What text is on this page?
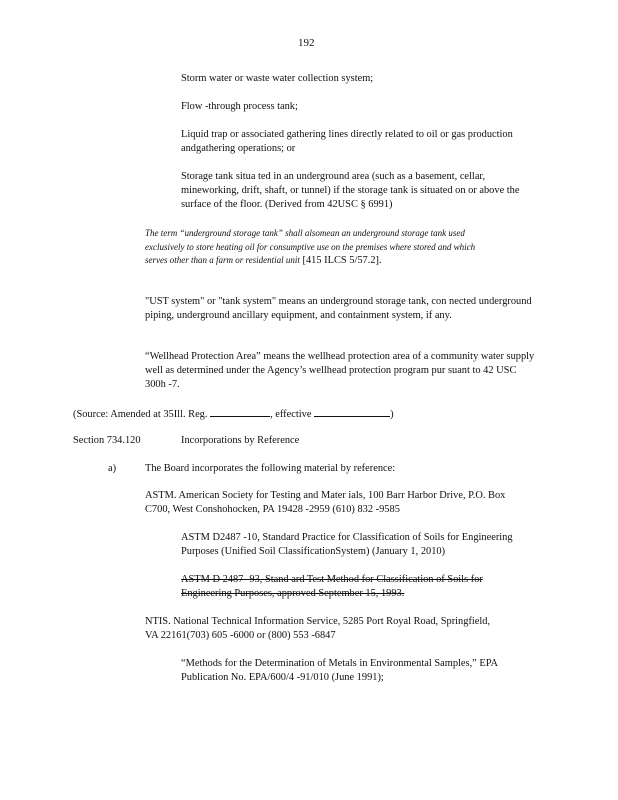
192

Storm water or waste water collection system;

Flow -through process tank;

Liquid trap or associated gathering lines directly related to oil or gas production andgathering operations; or

Storage tank situa ted in an underground area (such as a basement, cellar, mineworking, drift, shaft, or tunnel) if the storage tank is situated on or above the surface of the floor. (Derived from 42USC § 6991)

The term “underground storage tank” shall alsomean an underground storage tank used exclusively to store heating oil for consumptive use on the premises where stored and which serves other than a farm or residential unit [415 ILCS 5/57.2].

"UST system" or "tank system" means an underground storage tank, con nected underground piping, underground ancillary equipment, and containment system, if any.

“Wellhead Protection Area” means the wellhead protection area of a community water supply well as determined under the Agency’s wellhead protection program pur suant to 42 USC 300h -7.

(Source: Amended at 35Ill. Reg.	, effective	)

Section 734.120	Incorporations by Reference

a)	The Board incorporates the following material by reference:

ASTM. American Society for Testing and Mater ials, 100 Barr Harbor Drive, P.O. Box C700, West Conshohocken, PA 19428 -2959 (610) 832 -9585

ASTM D2487 -10, Standard Practice for Classification of Soils for Engineering Purposes (Unified Soil ClassificationSystem) (January 1, 2010)

ASTM D 2487 -93, Stand ard Test Method for Classification of Soils for Engineering Purposes, approved September 15, 1993.

NTIS. National Technical Information Service, 5285 Port Royal Road, Springfield, VA 22161(703) 605 -6000 or (800) 553 -6847

“Methods for the Determination of Metals in Environmental Samples,” EPA Publication No. EPA/600/4 -91/010 (June 1991);
